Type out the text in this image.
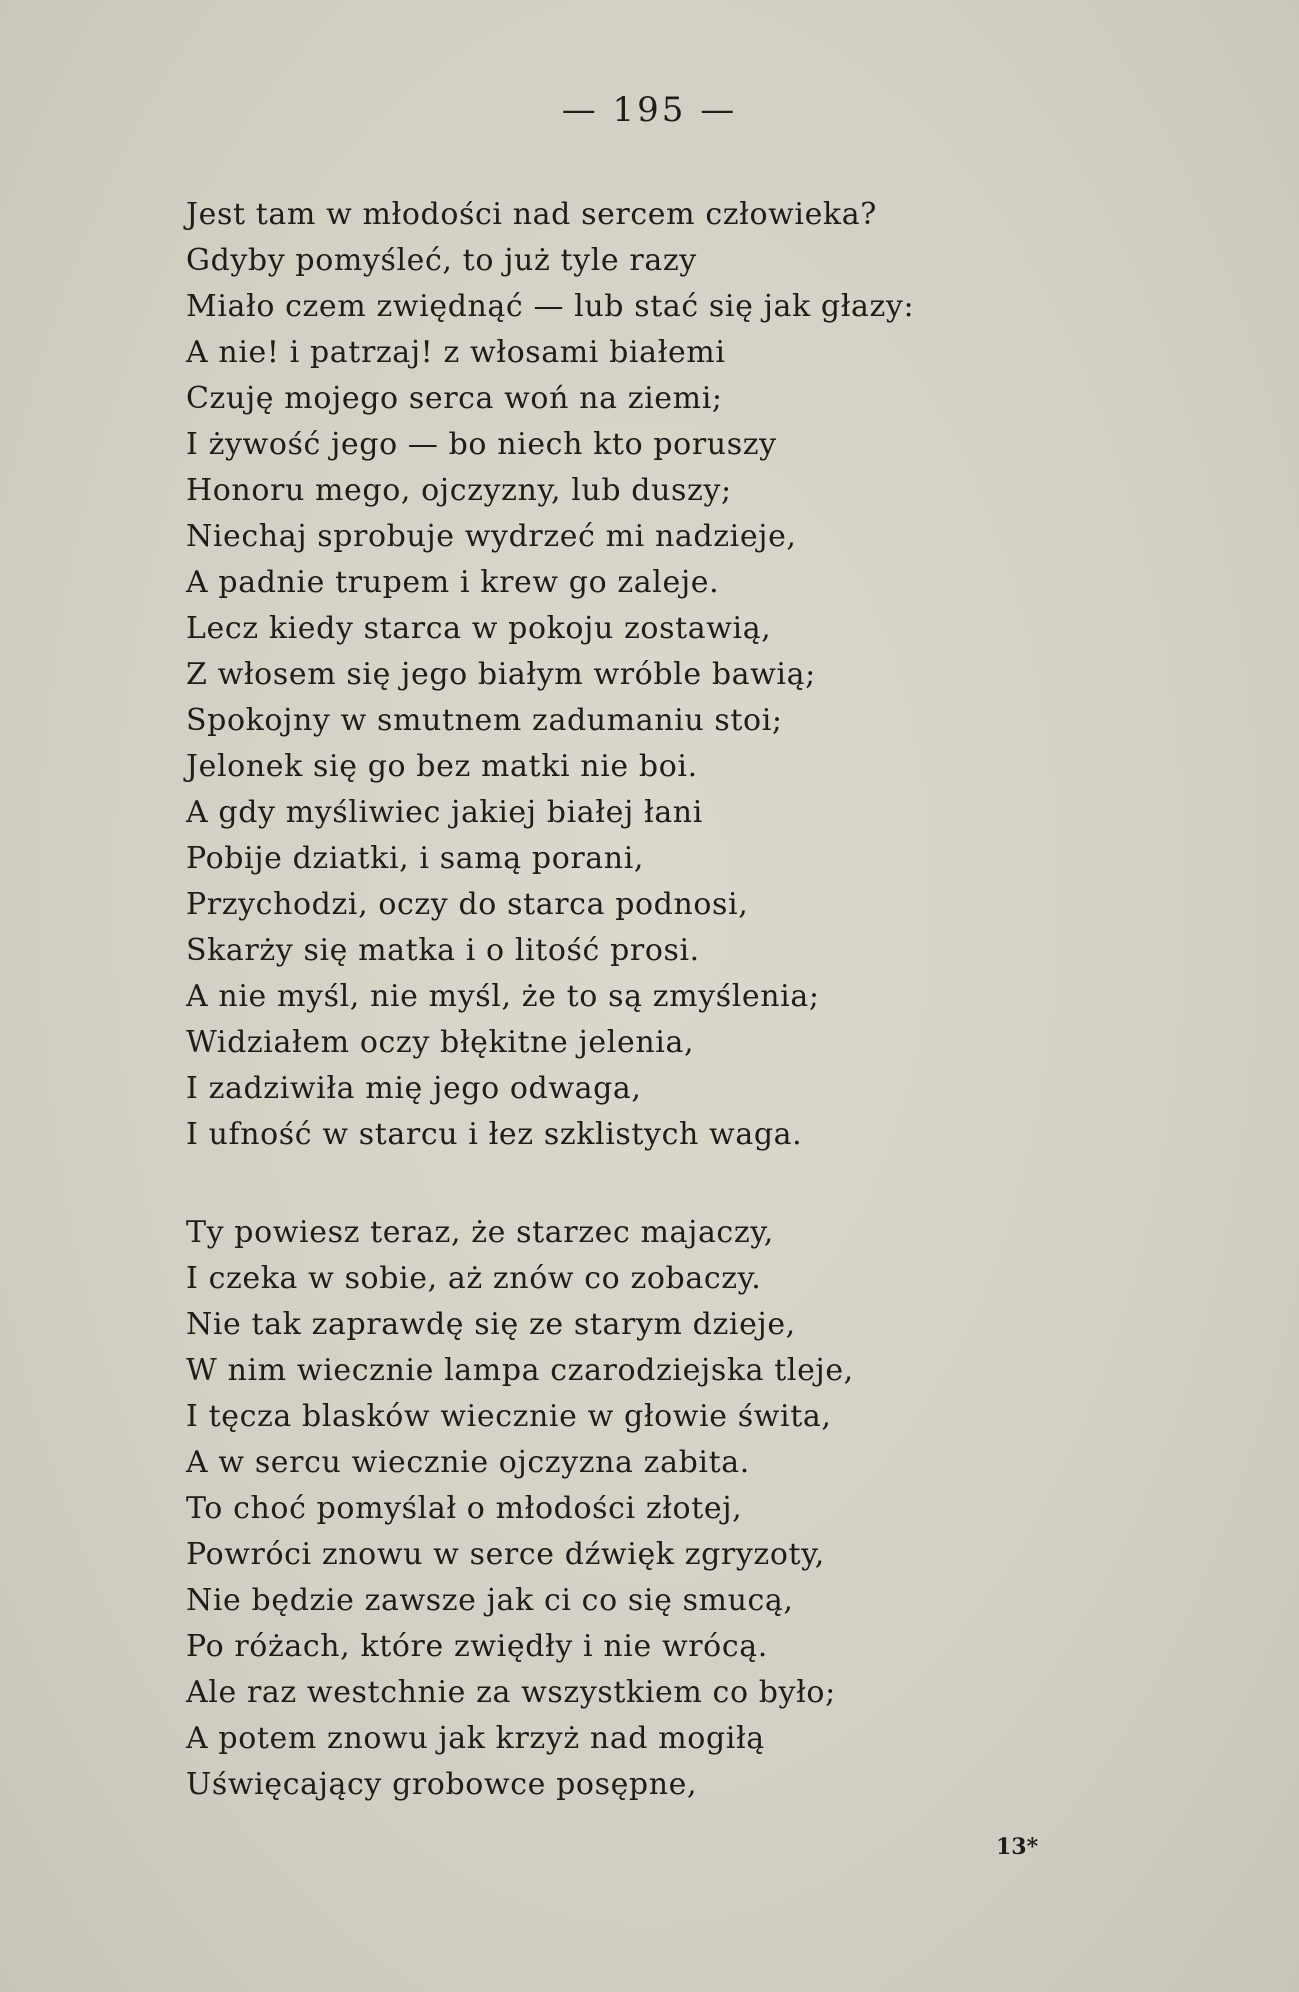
— 195 —
Jest tam w młodości nad sercem człowieka?
Gdyby pomyśleć, to już tyle razy
Miało czem zwiędnąć — lub stać się jak głazy:
A nie! i patrzaj! z włosami białemi
Czuję mojego serca woń na ziemi;
I żywość jego — bo niech kto poruszy
Honoru mego, ojczyzny, lub duszy;
Niechaj sprobuje wydrzeć mi nadzieje,
A padnie trupem i krew go zaleje.
Lecz kiedy starca w pokoju zostawią,
Z włosem się jego białym wróble bawią;
Spokojny w smutnem zadumaniu stoi;
Jelonek się go bez matki nie boi.
A gdy myśliwiec jakiej białej łani
Pobije dziatki, i samą porani,
Przychodzi, oczy do starca podnosi,
Skarży się matka i o litość prosi.
A nie myśl, nie myśl, że to są zmyślenia;
Widziałem oczy błękitne jelenia,
I zadziwiła mię jego odwaga,
I ufność w starcu i łez szklistych waga.
Ty powiesz teraz, że starzec majaczy,
I czeka w sobie, aż znów co zobaczy.
Nie tak zaprawdę się ze starym dzieje,
W nim wiecznie lampa czarodziejska tleje,
I tęcza blasków wiecznie w głowie świta,
A w sercu wiecznie ojczyzna zabita.
To choć pomyślał o młodości złotej,
Powróci znowu w serce dźwięk zgryzoty,
Nie będzie zawsze jak ci co się smucą,
Po różach, które zwiędły i nie wrócą.
Ale raz westchnie za wszystkiem co było;
A potem znowu jak krzyż nad mogiłą
Uświęcający grobowce posępne,
13*
